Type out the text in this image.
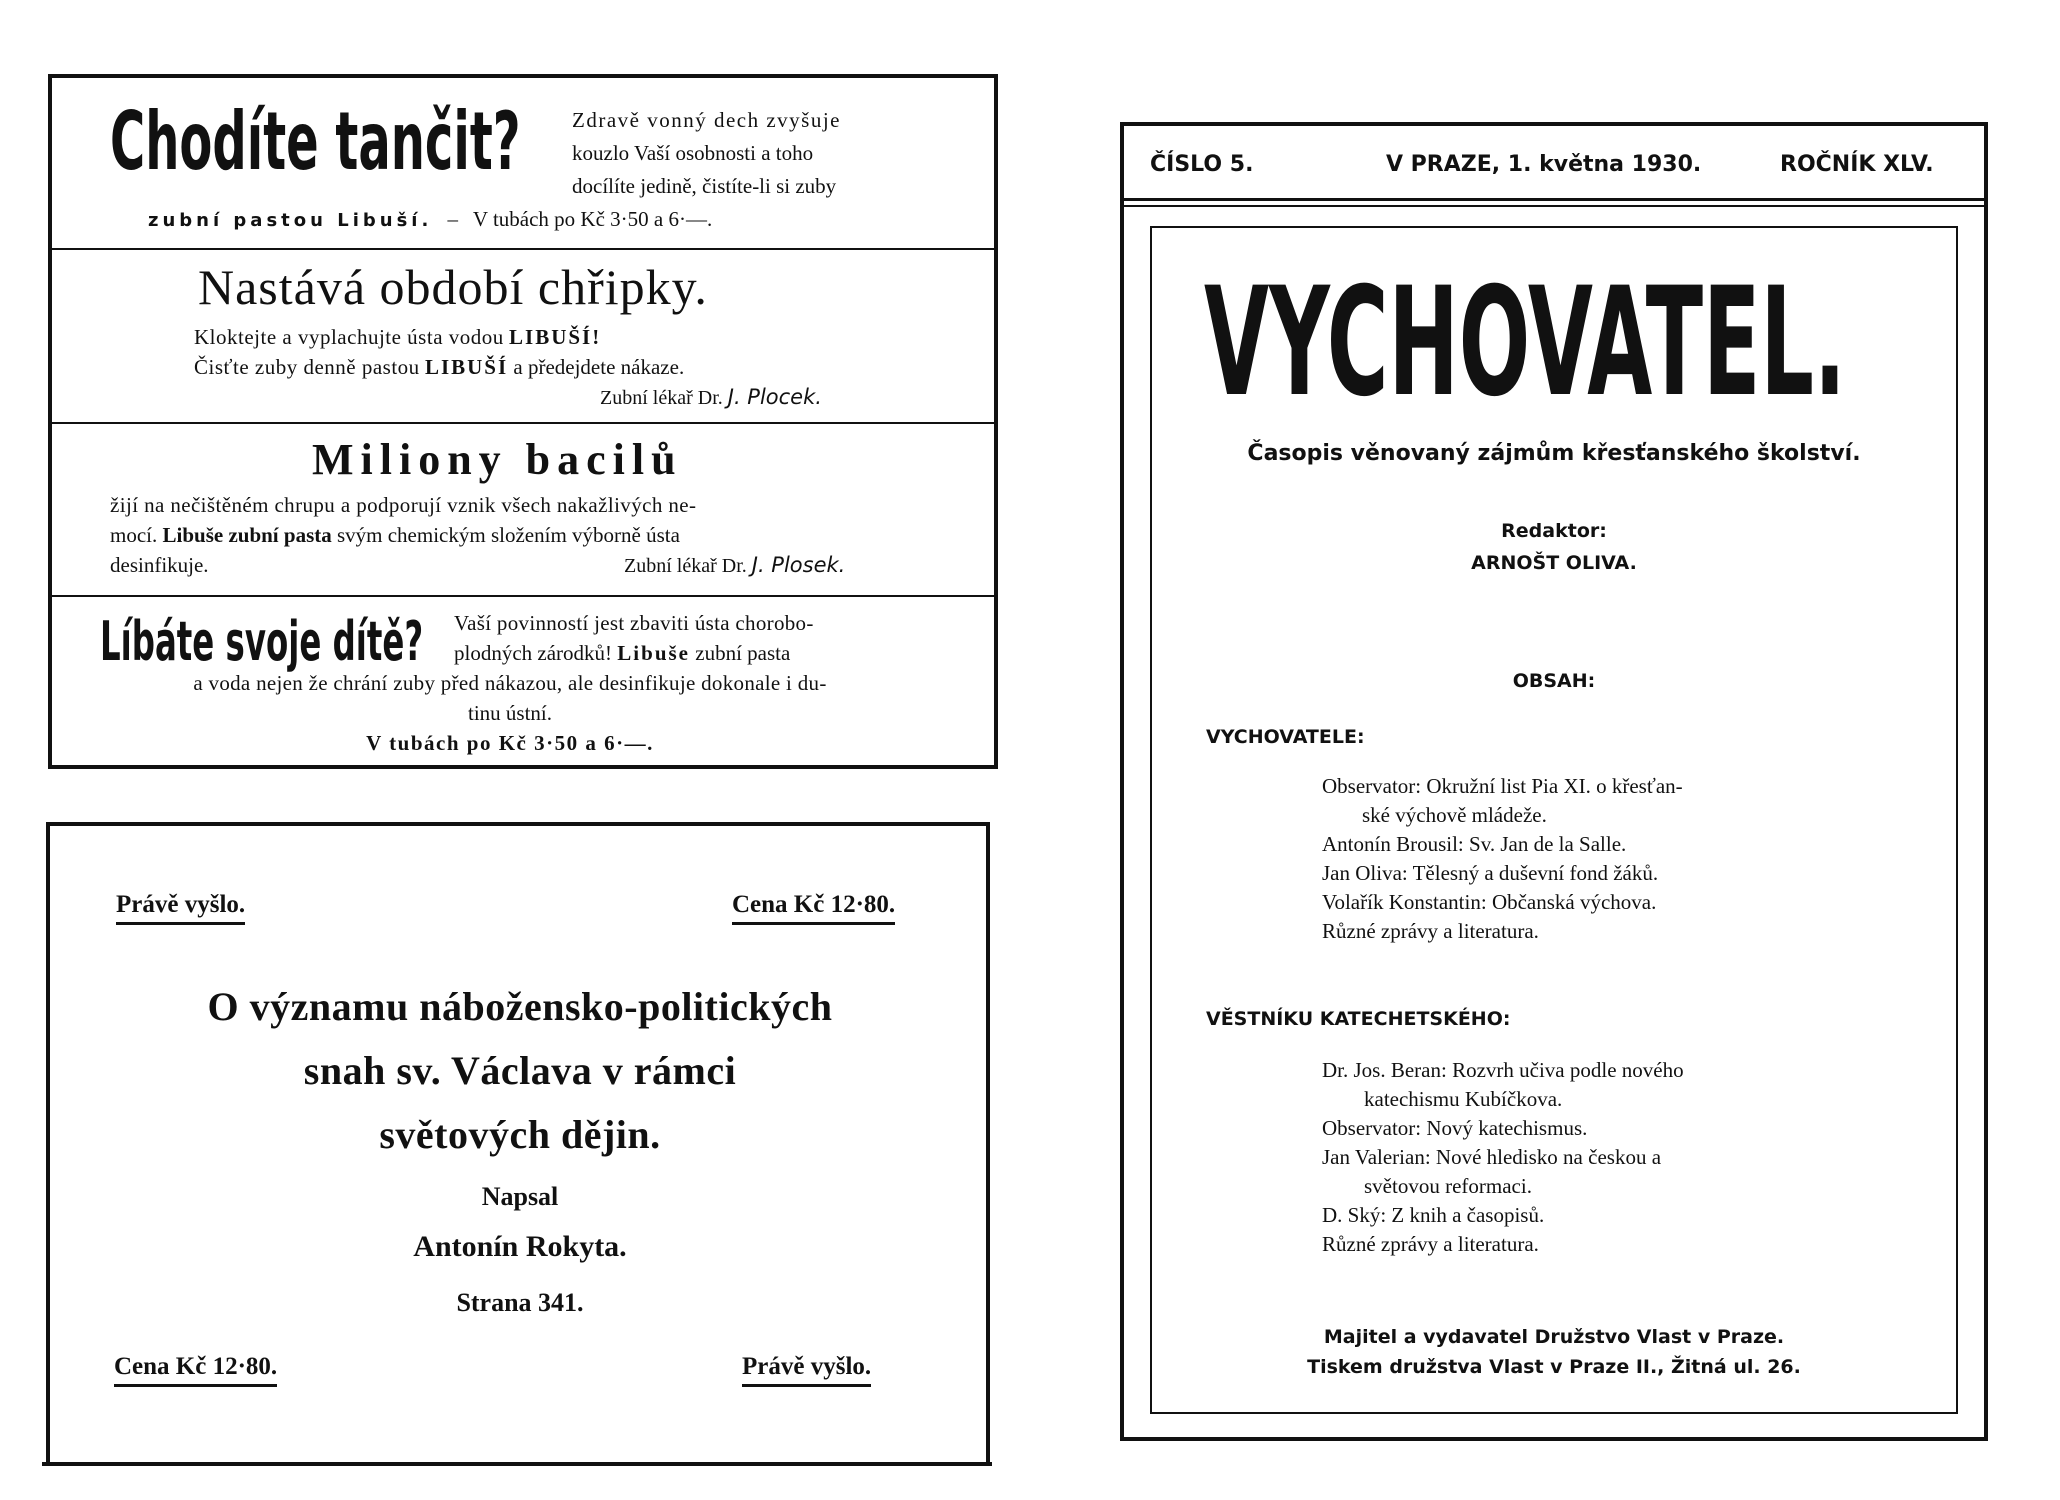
Chodíte tančit?	Zdravě vonný dech zvyšuje
kouzlo Vaší osobnosti a toho
docílíte jedině, čistíte-li si zuby
zubní pastou Libuší. – V tubách po Kč 3·50 a 6·—.
Nastává období chřipky.
Kloktejte a vyplachujte ústa vodou LIBUŠÍ!
Čisťte zuby denně pastou LIBUŠÍ a předejdete nákaze.
Zubní lékař Dr. J. Plocek.
Miliony bacilů
žijí na nečištěném chrupu a podporují vznik všech nakažlivých ne-
mocí. Libuše zubní pasta svým chemickým složením výborně ústa
desinfikuje.	Zubní lékař Dr. J. Plosek.
Líbáte svoje dítě?	Vaší povinností jest zbaviti ústa chorobo-
plodných zárodků! Libuše zubní pasta
a voda nejen že chrání zuby před nákazou, ale desinfikuje dokonale i du-
tinu ústní.
V tubách po Kč 3·50 a 6·—.
Právě vyšlo.	Cena Kč 12·80.
O významu nábožensko-politických
snah sv. Václava v rámci
světových dějin.
Napsal
Antonín Rokyta.
Strana 341.
Cena Kč 12·80.	Právě vyšlo.
ČÍSLO 5.	V PRAZE, 1. května 1930.	ROČNÍK XLV.
VYCHOVATEL.
Časopis věnovaný zájmům křesťanského školství.
Redaktor:
ARNOŠT OLIVA.
OBSAH:
VYCHOVATELE:
Observator: Okružní list Pia XI. o křesťan-
ské výchově mládeže.
Antonín Brousil: Sv. Jan de la Salle.
Jan Oliva: Tělesný a duševní fond žáků.
Volařík Konstantin: Občanská výchova.
Různé zprávy a literatura.
VĚSTNÍKU KATECHETSKÉHO:
Dr. Jos. Beran: Rozvrh učiva podle nového
katechismu Kubíčkova.
Observator: Nový katechismus.
Jan Valerian: Nové hledisko na českou a
světovou reformaci.
D. Ský: Z knih a časopisů.
Různé zprávy a literatura.
Majitel a vydavatel Družstvo Vlast v Praze.
Tiskem družstva Vlast v Praze II., Žitná ul. 26.
